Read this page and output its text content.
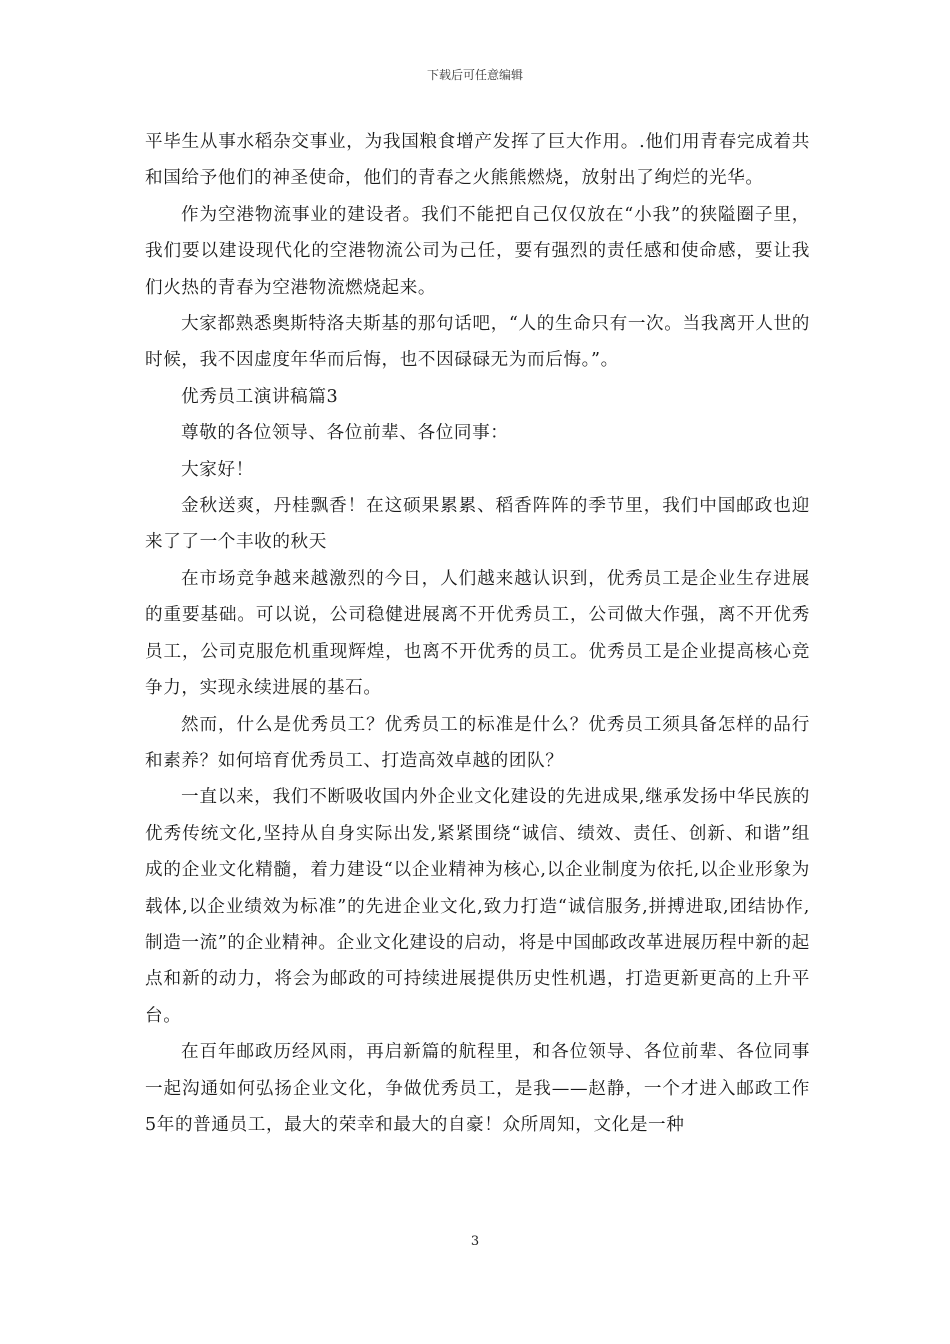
下载后可任意编辑

平毕生从事水稻杂交事业，为我国粮食增产发挥了巨大作用。.他们用青春完成着共和国给予他们的神圣使命，他们的青春之火熊熊燃烧，放射出了绚烂的光华。

作为空港物流事业的建设者。我们不能把自己仅仅放在“小我”的狭隘圈子里，我们要以建设现代化的空港物流公司为己任，要有强烈的责任感和使命感，要让我们火热的青春为空港物流燃烧起来。

大家都熟悉奥斯特洛夫斯基的那句话吧，“人的生命只有一次。当我离开人世的时候，我不因虚度年华而后悔，也不因碌碌无为而后悔。”。

优秀员工演讲稿篇3

尊敬的各位领导、各位前辈、各位同事：

大家好！

金秋送爽，丹桂飘香！在这硕果累累、稻香阵阵的季节里，我们中国邮政也迎来了了一个丰收的秋天

在市场竞争越来越激烈的今日，人们越来越认识到，优秀员工是企业生存进展的重要基础。可以说，公司稳健进展离不开优秀员工，公司做大作强，离不开优秀员工，公司克服危机重现辉煌，也离不开优秀的员工。优秀员工是企业提高核心竞争力，实现永续进展的基石。

然而，什么是优秀员工？优秀员工的标准是什么？优秀员工须具备怎样的品行和素养？如何培育优秀员工、打造高效卓越的团队？

一直以来，我们不断吸收国内外企业文化建设的先进成果,继承发扬中华民族的优秀传统文化,坚持从自身实际出发,紧紧围绕“诚信、绩效、责任、创新、和谐”组成的企业文化精髓，着力建设“以企业精神为核心,以企业制度为依托,以企业形象为载体,以企业绩效为标准”的先进企业文化,致力打造“诚信服务,拼搏进取,团结协作,制造一流”的企业精神。企业文化建设的启动，将是中国邮政改革进展历程中新的起点和新的动力，将会为邮政的可持续进展提供历史性机遇，打造更新更高的上升平台。

在百年邮政历经风雨，再启新篇的航程里，和各位领导、各位前辈、各位同事一起沟通如何弘扬企业文化，争做优秀员工，是我——赵静，一个才进入邮政工作5年的普通员工，最大的荣幸和最大的自豪！众所周知，文化是一种

3
